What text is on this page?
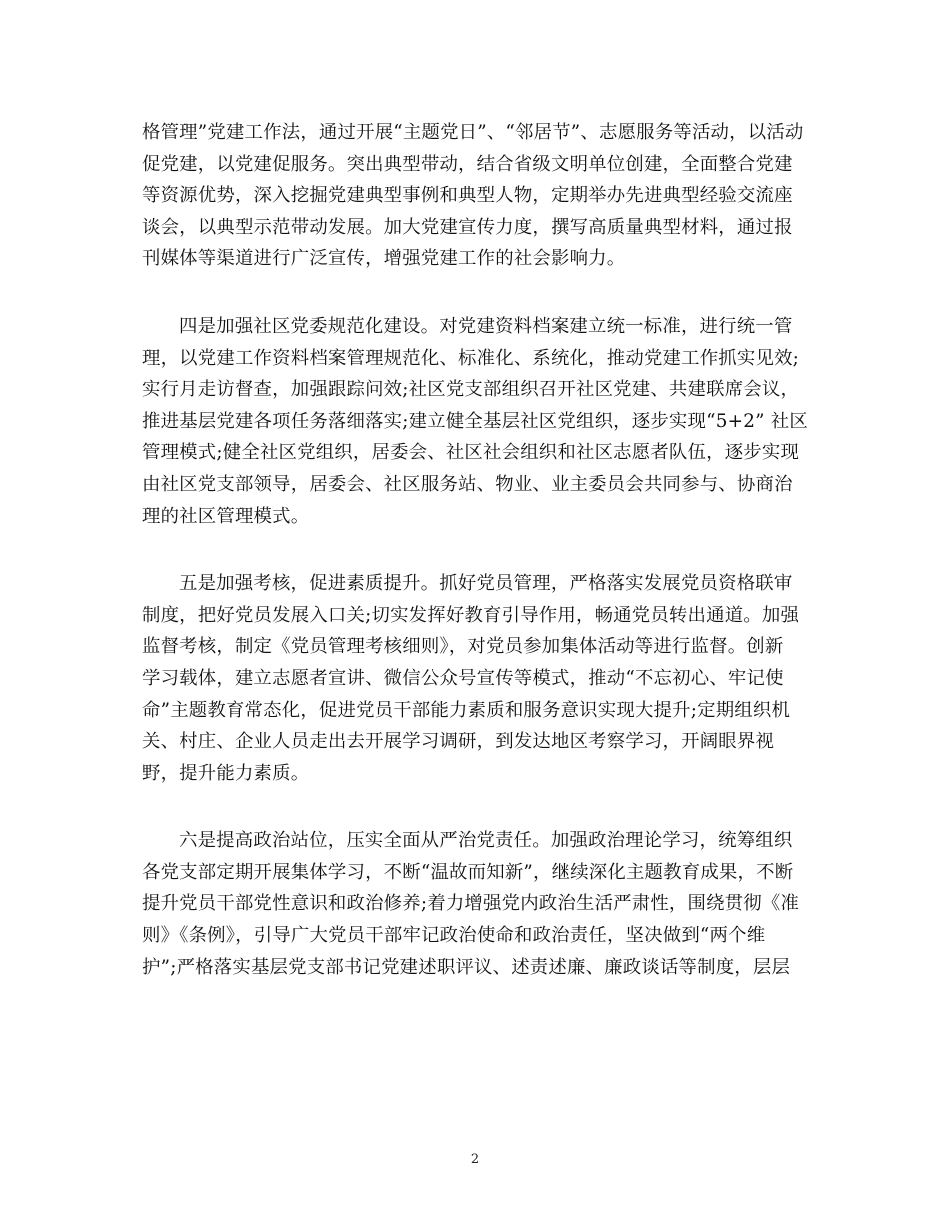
格管理”党建工作法，通过开展“主题党日”、“邻居节”、志愿服务等活动，以活动
促党建，以党建促服务。突出典型带动，结合省级文明单位创建，全面整合党建
等资源优势，深入挖掘党建典型事例和典型人物，定期举办先进典型经验交流座
谈会，以典型示范带动发展。加大党建宣传力度，撰写高质量典型材料，通过报
刊媒体等渠道进行广泛宣传，增强党建工作的社会影响力。

四是加强社区党委规范化建设。对党建资料档案建立统一标准，进行统一管
理，以党建工作资料档案管理规范化、标准化、系统化，推动党建工作抓实见效;
实行月走访督查，加强跟踪问效;社区党支部组织召开社区党建、共建联席会议，
推进基层党建各项任务落细落实;建立健全基层社区党组织，逐步实现“5+2” 社区
管理模式;健全社区党组织，居委会、社区社会组织和社区志愿者队伍，逐步实现
由社区党支部领导，居委会、社区服务站、物业、业主委员会共同参与、协商治
理的社区管理模式。

五是加强考核，促进素质提升。抓好党员管理，严格落实发展党员资格联审
制度，把好党员发展入口关;切实发挥好教育引导作用，畅通党员转出通道。加强
监督考核，制定《党员管理考核细则》，对党员参加集体活动等进行监督。创新
学习载体，建立志愿者宣讲、微信公众号宣传等模式，推动“不忘初心、牢记使
命”主题教育常态化，促进党员干部能力素质和服务意识实现大提升;定期组织机
关、村庄、企业人员走出去开展学习调研，到发达地区考察学习，开阔眼界视
野，提升能力素质。

六是提高政治站位，压实全面从严治党责任。加强政治理论学习，统筹组织
各党支部定期开展集体学习，不断“温故而知新”，继续深化主题教育成果，不断
提升党员干部党性意识和政治修养;着力增强党内政治生活严肃性，围绕贯彻《准
则》《条例》，引导广大党员干部牢记政治使命和政治责任，坚决做到“两个维
护”;严格落实基层党支部书记党建述职评议、述责述廉、廉政谈话等制度，层层

2
